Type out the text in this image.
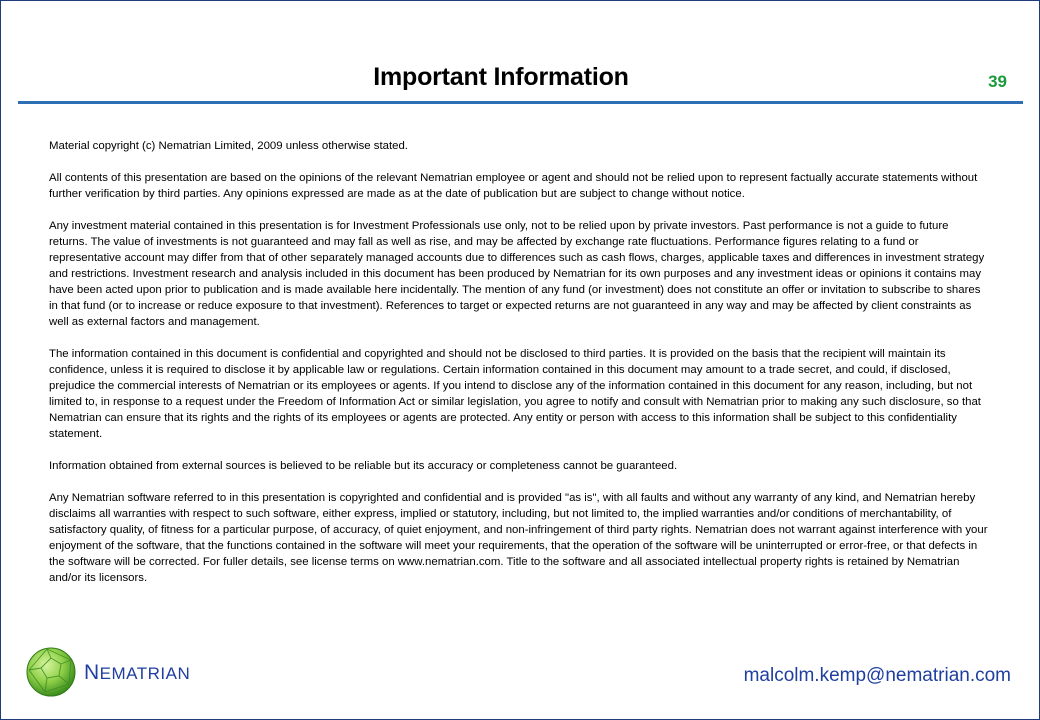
Important Information	39

Material copyright (c) Nematrian Limited, 2009 unless otherwise stated.

All contents of this presentation are based on the opinions of the relevant Nematrian employee or agent and should not be relied upon to represent factually accurate statements without further verification by third parties. Any opinions expressed are made as at the date of publication but are subject to change without notice.

Any investment material contained in this presentation is for Investment Professionals use only, not to be relied upon by private investors. Past performance is not a guide to future returns. The value of investments is not guaranteed and may fall as well as rise, and may be affected by exchange rate fluctuations. Performance figures relating to a fund or representative account may differ from that of other separately managed accounts due to differences such as cash flows, charges, applicable taxes and differences in investment strategy and restrictions. Investment research and analysis included in this document has been produced by Nematrian for its own purposes and any investment ideas or opinions it contains may have been acted upon prior to publication and is made available here incidentally. The mention of any fund (or investment) does not constitute an offer or invitation to subscribe to shares in that fund (or to increase or reduce exposure to that investment). References to target or expected returns are not guaranteed in any way and may be affected by client constraints as well as external factors and management.

The information contained in this document is confidential and copyrighted and should not be disclosed to third parties. It is provided on the basis that the recipient will maintain its confidence, unless it is required to disclose it by applicable law or regulations. Certain information contained in this document may amount to a trade secret, and could, if disclosed, prejudice the commercial interests of Nematrian or its employees or agents. If you intend to disclose any of the information contained in this document for any reason, including, but not limited to, in response to a request under the Freedom of Information Act or similar legislation, you agree to notify and consult with Nematrian prior to making any such disclosure, so that Nematrian can ensure that its rights and the rights of its employees or agents are protected. Any entity or person with access to this information shall be subject to this confidentiality statement.

Information obtained from external sources is believed to be reliable but its accuracy or completeness cannot be guaranteed.

Any Nematrian software referred to in this presentation is copyrighted and confidential and is provided "as is", with all faults and without any warranty of any kind, and Nematrian hereby disclaims all warranties with respect to such software, either express, implied or statutory, including, but not limited to, the implied warranties and/or conditions of merchantability, of satisfactory quality, of fitness for a particular purpose, of accuracy, of quiet enjoyment, and non-infringement of third party rights. Nematrian does not warrant against interference with your enjoyment of the software, that the functions contained in the software will meet your requirements, that the operation of the software will be uninterrupted or error-free, or that defects in the software will be corrected. For fuller details, see license terms on www.nematrian.com. Title to the software and all associated intellectual property rights is retained by Nematrian and/or its licensors.

NEMATRIAN	malcolm.kemp@nematrian.com
